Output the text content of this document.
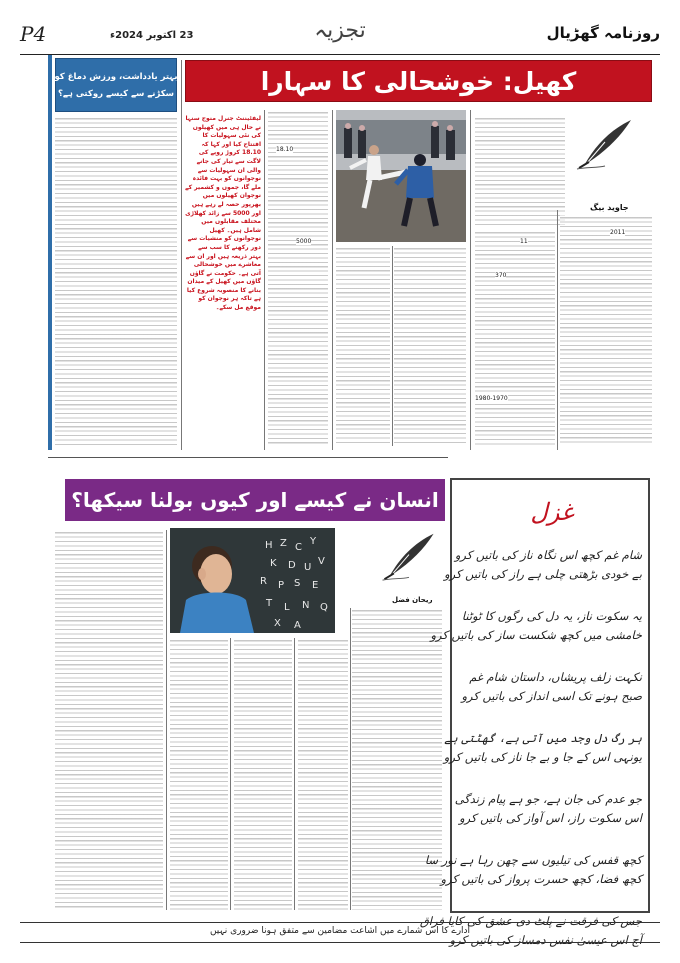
P4	23 اکتوبر 2024ء	تجزیہ	روزنامہ گھڑیال
کھیل: خوشحالی کا سہارا
جاوید بیگ
2011
11
370
1980-1970
18.10
5000
لیفٹیننٹ جنرل منوج سنہا نے حال ہی میں کھیلوں کی نئی سہولیات کا افتتاح کیا اور کہا کہ 18.10 کروڑ روپے کی لاگت سے تیار کی جانے والی ان سہولیات سے نوجوانوں کو بہت فائدہ ملے گا، جموں و کشمیر کے نوجوان کھیلوں میں بھرپور حصہ لے رہے ہیں اور 5000 سے زائد کھلاڑی مختلف مقابلوں میں شامل ہیں۔ کھیل نوجوانوں کو منشیات سے دور رکھنے کا سب سے بہتر ذریعہ ہیں اور ان سے معاشرے میں خوشحالی آتی ہے۔ حکومت نے گاؤں گاؤں میں کھیل کے میدان بنانے کا منصوبہ شروع کیا ہے تاکہ ہر نوجوان کو موقع مل سکے۔
بہتر یادداشت، ورزش دماغ کو
سکڑنے سے کیسے روکتی ہے؟
انسان نے کیسے اور کیوں بولنا سیکھا؟
H Z C
Y
K D U
V
R P S E
T L N Q
X A
ریحان فضل
غزل
شام غم کچھ اس نگاہ ناز کی باتیں کرو
بے خودی بڑھتی چلی ہے راز کی باتیں کرو
یہ سکوت ناز، یہ دل کی رگوں کا ٹوٹنا
خامشی میں کچھ شکست ساز کی باتیں کرو
نکہت زلف پریشاں، داستان شام غم
صبح ہونے تک اسی انداز کی باتیں کرو
ہر رگ دل وجد میں آتی ہے، گھٹتی ہے
یونہی اس کے جا و بے جا ناز کی باتیں کرو
جو عدم کی جان ہے، جو ہے پیام زندگی
اس سکوت راز، اس آواز کی باتیں کرو
کچھ قفس کی تیلیوں سے چھن رہا ہے نور سا
کچھ فضا، کچھ حسرت پرواز کی باتیں کرو
جس کی فرقت نے پلٹ دی عشق کی کایا فراق
آج اس عیسیٰ نفس دمساز کی باتیں کرو
ادارے کا اس شمارے میں اشاعت مضامین سے متفق ہونا ضروری نہیں
